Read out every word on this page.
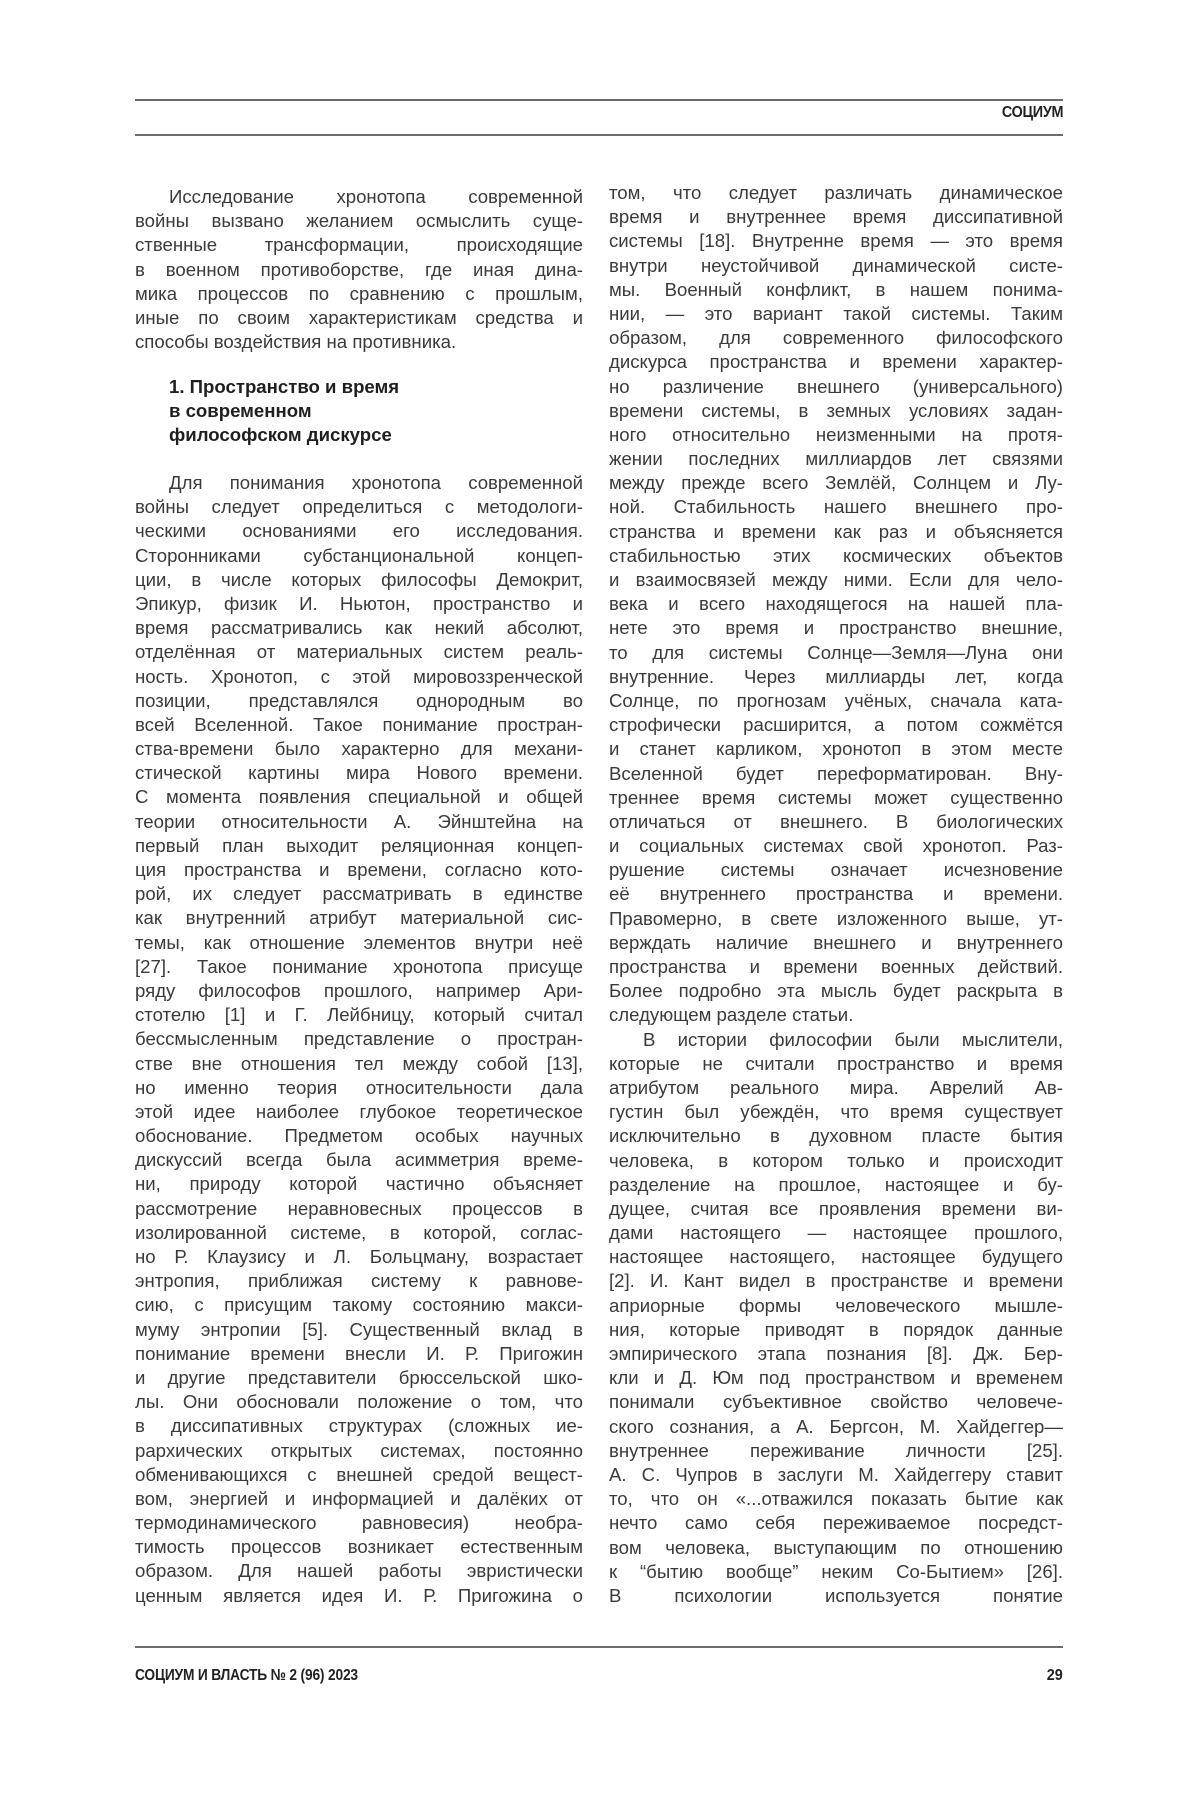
СОЦИУМ
Исследование хронотопа современной
войны вызвано желанием осмыслить суще-
ственные трансформации, происходящие
в военном противоборстве, где иная дина-
мика процессов по сравнению с прошлым,
иные по своим характеристикам средства и
способы воздействия на противника.
1. Пространство и время
в современном
философском дискурсе
Для понимания хронотопа современной
войны следует определиться с методологи-
ческими основаниями его исследования.
Сторонниками субстанциональной концеп-
ции, в числе которых философы Демокрит,
Эпикур, физик И. Ньютон, пространство и
время рассматривались как некий абсолют,
отделённая от материальных систем реаль-
ность. Хронотоп, с этой мировоззренческой
позиции, представлялся однородным во
всей Вселенной. Такое понимание простран-
ства-времени было характерно для механи-
стической картины мира Нового времени.
С момента появления специальной и общей
теории относительности А. Эйнштейна на
первый план выходит реляционная концеп-
ция пространства и времени, согласно кото-
рой, их следует рассматривать в единстве
как внутренний атрибут материальной сис-
темы, как отношение элементов внутри неё
[27]. Такое понимание хронотопа присуще
ряду философов прошлого, например Ари-
стотелю [1] и Г. Лейбницу, который считал
бессмысленным представление о простран-
стве вне отношения тел между собой [13],
но именно теория относительности дала
этой идее наиболее глубокое теоретическое
обоснование. Предметом особых научных
дискуссий всегда была асимметрия време-
ни, природу которой частично объясняет
рассмотрение неравновесных процессов в
изолированной системе, в которой, соглас-
но Р. Клаузису и Л. Больцману, возрастает
энтропия, приближая систему к равнове-
сию, с присущим такому состоянию макси-
муму энтропии [5]. Существенный вклад в
понимание времени внесли И. Р. Пригожин
и другие представители брюссельской шко-
лы. Они обосновали положение о том, что
в диссипативных структурах (сложных ие-
рархических открытых системах, постоянно
обменивающихся с внешней средой вещест-
вом, энергией и информацией и далёких от
термодинамического равновесия) необра-
тимость процессов возникает естественным
образом. Для нашей работы эвристически
ценным является идея И. Р. Пригожина о
том, что следует различать динамическое
время и внутреннее время диссипативной
системы [18]. Внутренне время — это время
внутри неустойчивой динамической систе-
мы. Военный конфликт, в нашем понима-
нии, — это вариант такой системы. Таким
образом, для современного философского
дискурса пространства и времени характер-
но различение внешнего (универсального)
времени системы, в земных условиях задан-
ного относительно неизменными на протя-
жении последних миллиардов лет связями
между прежде всего Землёй, Солнцем и Лу-
ной. Стабильность нашего внешнего про-
странства и времени как раз и объясняется
стабильностью этих космических объектов
и взаимосвязей между ними. Если для чело-
века и всего находящегося на нашей пла-
нете это время и пространство внешние,
то для системы Солнце—Земля—Луна они
внутренние. Через миллиарды лет, когда
Солнце, по прогнозам учёных, сначала ката-
строфически расширится, а потом сожмётся
и станет карликом, хронотоп в этом месте
Вселенной будет переформатирован. Вну-
треннее время системы может существенно
отличаться от внешнего. В биологических
и социальных системах свой хронотоп. Раз-
рушение системы означает исчезновение
её внутреннего пространства и времени.
Правомерно, в свете изложенного выше, ут-
верждать наличие внешнего и внутреннего
пространства и времени военных действий.
Более подробно эта мысль будет раскрыта в
следующем разделе статьи.
В истории философии были мыслители,
которые не считали пространство и время
атрибутом реального мира. Аврелий Ав-
густин был убеждён, что время существует
исключительно в духовном пласте бытия
человека, в котором только и происходит
разделение на прошлое, настоящее и бу-
дущее, считая все проявления времени ви-
дами настоящего — настоящее прошлого,
настоящее настоящего, настоящее будущего
[2]. И. Кант видел в пространстве и времени
априорные формы человеческого мышле-
ния, которые приводят в порядок данные
эмпирического этапа познания [8]. Дж. Бер-
кли и Д. Юм под пространством и временем
понимали субъективное свойство человече-
ского сознания, а А. Бергсон, М. Хайдеггер—
внутреннее переживание личности [25].
А. С. Чупров в заслуги М. Хайдеггеру ставит
то, что он «...отважился показать бытие как
нечто само себя переживаемое посредст-
вом человека, выступающим по отношению
к “бытию вообще” неким Со-Бытием» [26].
В психологии используется понятие
СОЦИУМ И ВЛАСТЬ № 2 (96) 2023	29
